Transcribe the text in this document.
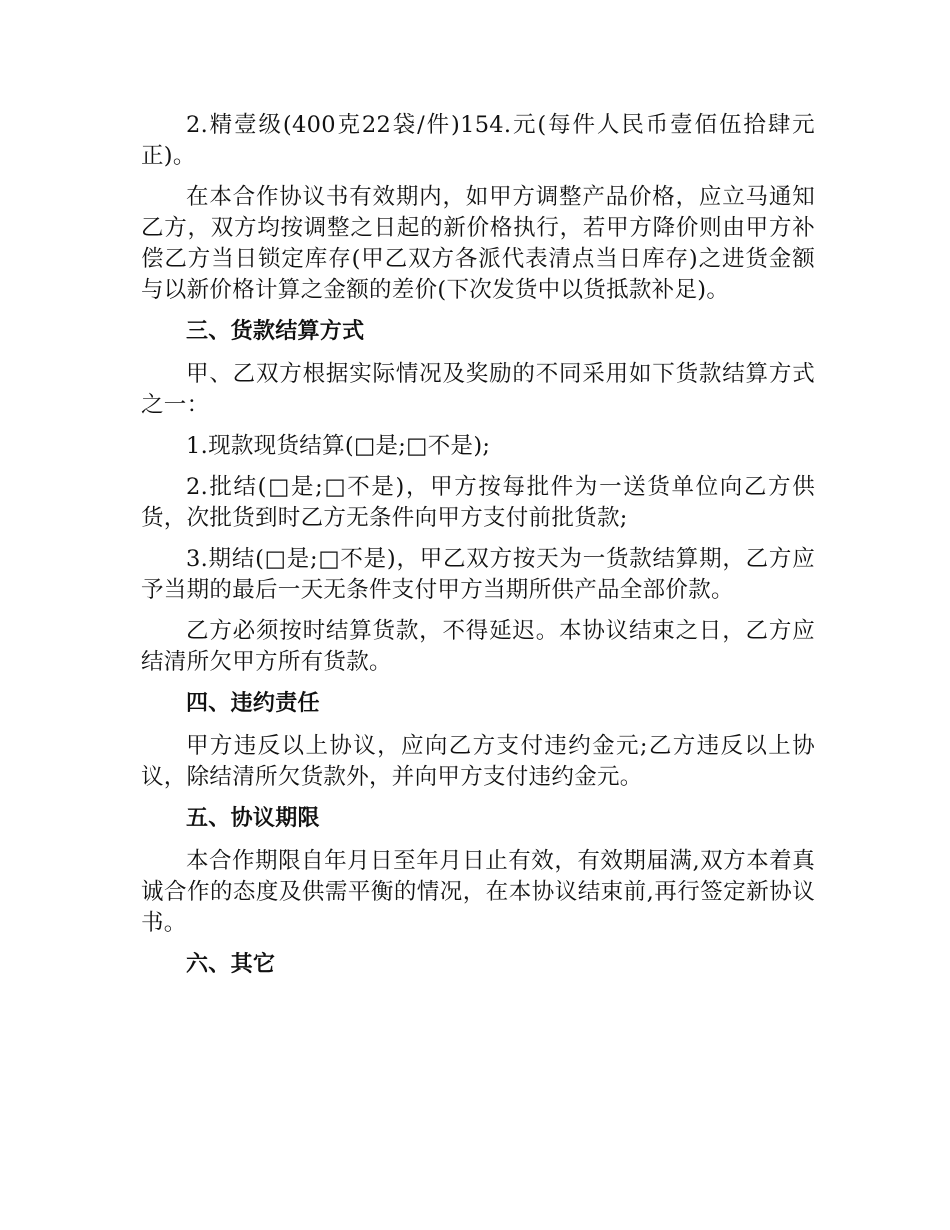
2.精壹级(400克22袋/件)154.元(每件人民币壹佰伍拾肆元正)。

在本合作协议书有效期内，如甲方调整产品价格，应立马通知乙方，双方均按调整之日起的新价格执行，若甲方降价则由甲方补偿乙方当日锁定库存(甲乙双方各派代表清点当日库存)之进货金额与以新价格计算之金额的差价(下次发货中以货抵款补足)。

三、货款结算方式

甲、乙双方根据实际情况及奖励的不同采用如下货款结算方式之一：

1.现款现货结算(□是;□不是);

2.批结(□是;□不是)，甲方按每批件为一送货单位向乙方供货，次批货到时乙方无条件向甲方支付前批货款;

3.期结(□是;□不是)，甲乙双方按天为一货款结算期，乙方应予当期的最后一天无条件支付甲方当期所供产品全部价款。

乙方必须按时结算货款，不得延迟。本协议结束之日，乙方应结清所欠甲方所有货款。

四、违约责任

甲方违反以上协议，应向乙方支付违约金元;乙方违反以上协议，除结清所欠货款外，并向甲方支付违约金元。

五、协议期限

本合作期限自年月日至年月日止有效，有效期届满,双方本着真诚合作的态度及供需平衡的情况，在本协议结束前,再行签定新协议书。

六、其它
